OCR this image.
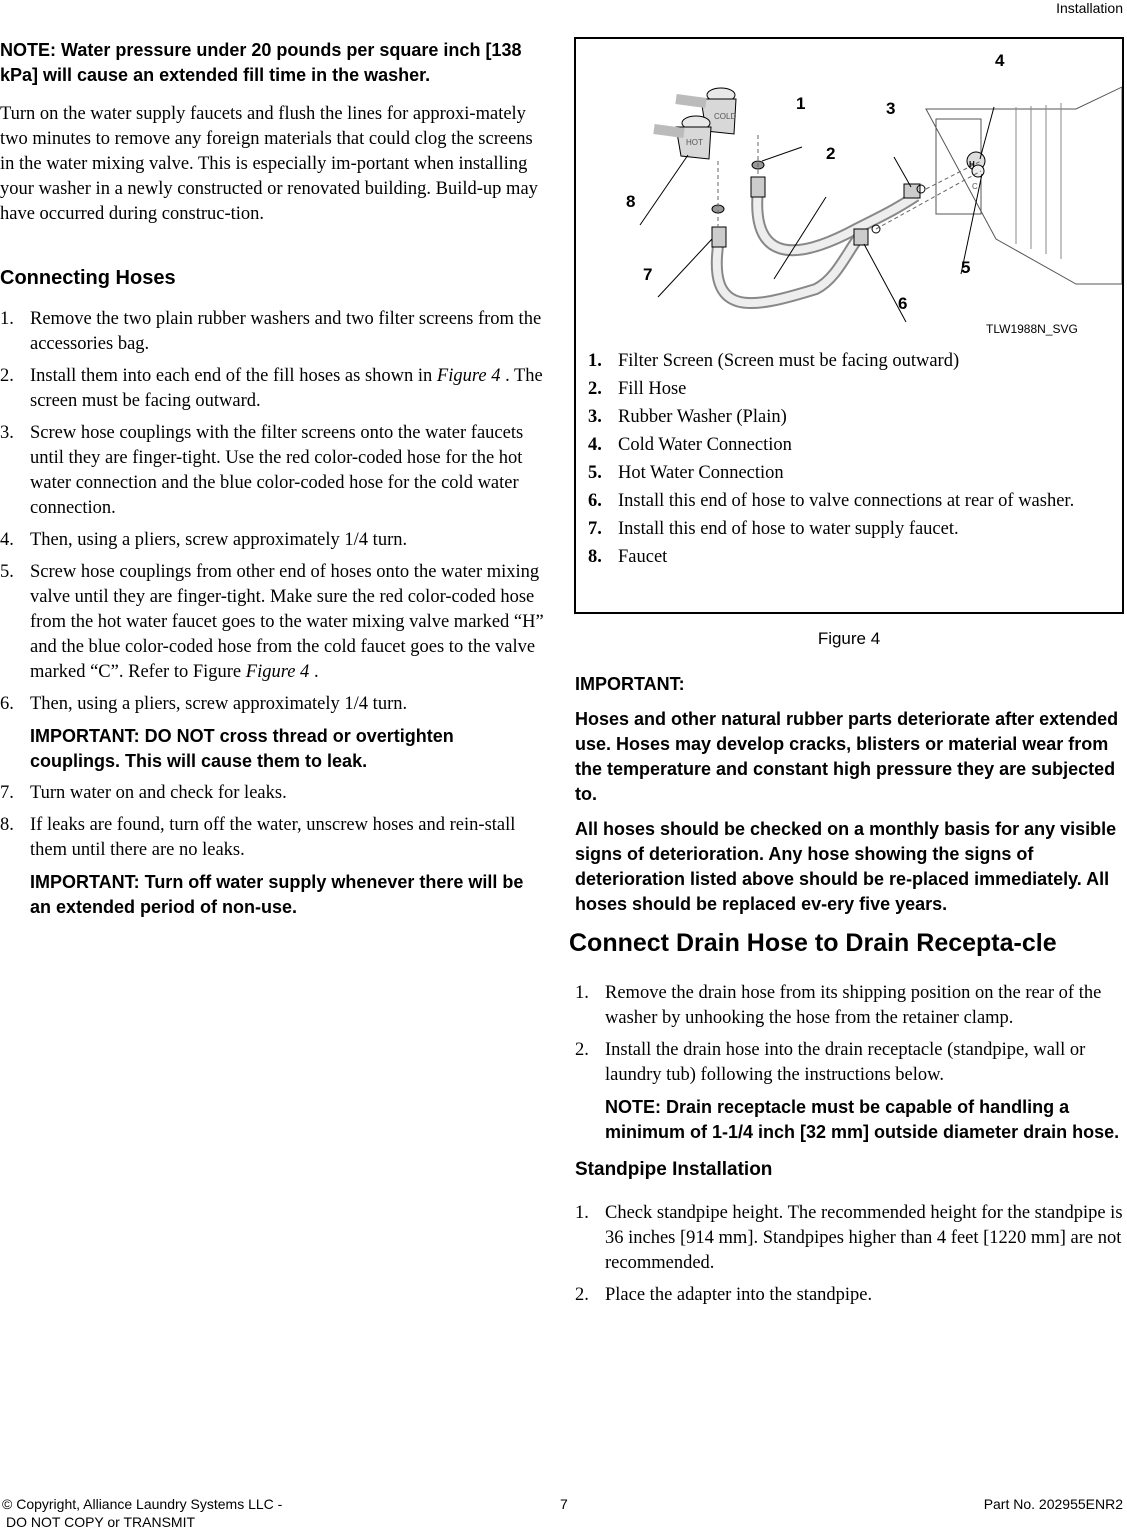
Installation

NOTE: Water pressure under 20 pounds per square inch [138 kPa] will cause an extended fill time in the washer.

Turn on the water supply faucets and flush the lines for approxi-mately two minutes to remove any foreign materials that could clog the screens in the water mixing valve. This is especially im-portant when installing your washer in a newly constructed or renovated building. Build-up may have occurred during construc-tion.

Connecting Hoses
1. Remove the two plain rubber washers and two filter screens from the accessories bag.
2. Install them into each end of the fill hoses as shown in Figure 4 . The screen must be facing outward.
3. Screw hose couplings with the filter screens onto the water faucets until they are finger-tight. Use the red color-coded hose for the hot water connection and the blue color-coded hose for the cold water connection.
4. Then, using a pliers, screw approximately 1/4 turn.
5. Screw hose couplings from other end of hoses onto the water mixing valve until they are finger-tight. Make sure the red color-coded hose from the hot water faucet goes to the water mixing valve marked “H” and the blue color-coded hose from the cold faucet goes to the valve marked “C”. Refer to Figure Figure 4 .
6. Then, using a pliers, screw approximately 1/4 turn.

IMPORTANT: DO NOT cross thread or overtighten couplings. This will cause them to leak.

7. Turn water on and check for leaks.
8. If leaks are found, turn off the water, unscrew hoses and rein-stall them until there are no leaks.

IMPORTANT: Turn off water supply whenever there will be an extended period of non-use.

COLD
HOT
H
C
1
2
3
4
5
6
7
8
TLW1988N_SVG
1. Filter Screen (Screen must be facing outward)
2. Fill Hose
3. Rubber Washer (Plain)
4. Cold Water Connection
5. Hot Water Connection
6. Install this end of hose to valve connections at rear of washer.
7. Install this end of hose to water supply faucet.
8. Faucet
Figure 4

IMPORTANT:

Hoses and other natural rubber parts deteriorate after extended use. Hoses may develop cracks, blisters or material wear from the temperature and constant high pressure they are subjected to.

All hoses should be checked on a monthly basis for any visible signs of deterioration. Any hose showing the signs of deterioration listed above should be re-placed immediately. All hoses should be replaced ev-ery five years.

Connect Drain Hose to Drain Recepta-cle
1. Remove the drain hose from its shipping position on the rear of the washer by unhooking the hose from the retainer clamp.
2. Install the drain hose into the drain receptacle (standpipe, wall or laundry tub) following the instructions below.

NOTE: Drain receptacle must be capable of handling a minimum of 1-1/4 inch [32 mm] outside diameter drain hose.

Standpipe Installation
1. Check standpipe height. The recommended height for the standpipe is 36 inches [914 mm]. Standpipes higher than 4 feet [1220 mm] are not recommended.
2. Place the adapter into the standpipe.
© Copyright, Alliance Laundry Systems LLC -
DO NOT COPY or TRANSMIT
7	Part No. 202955ENR2
